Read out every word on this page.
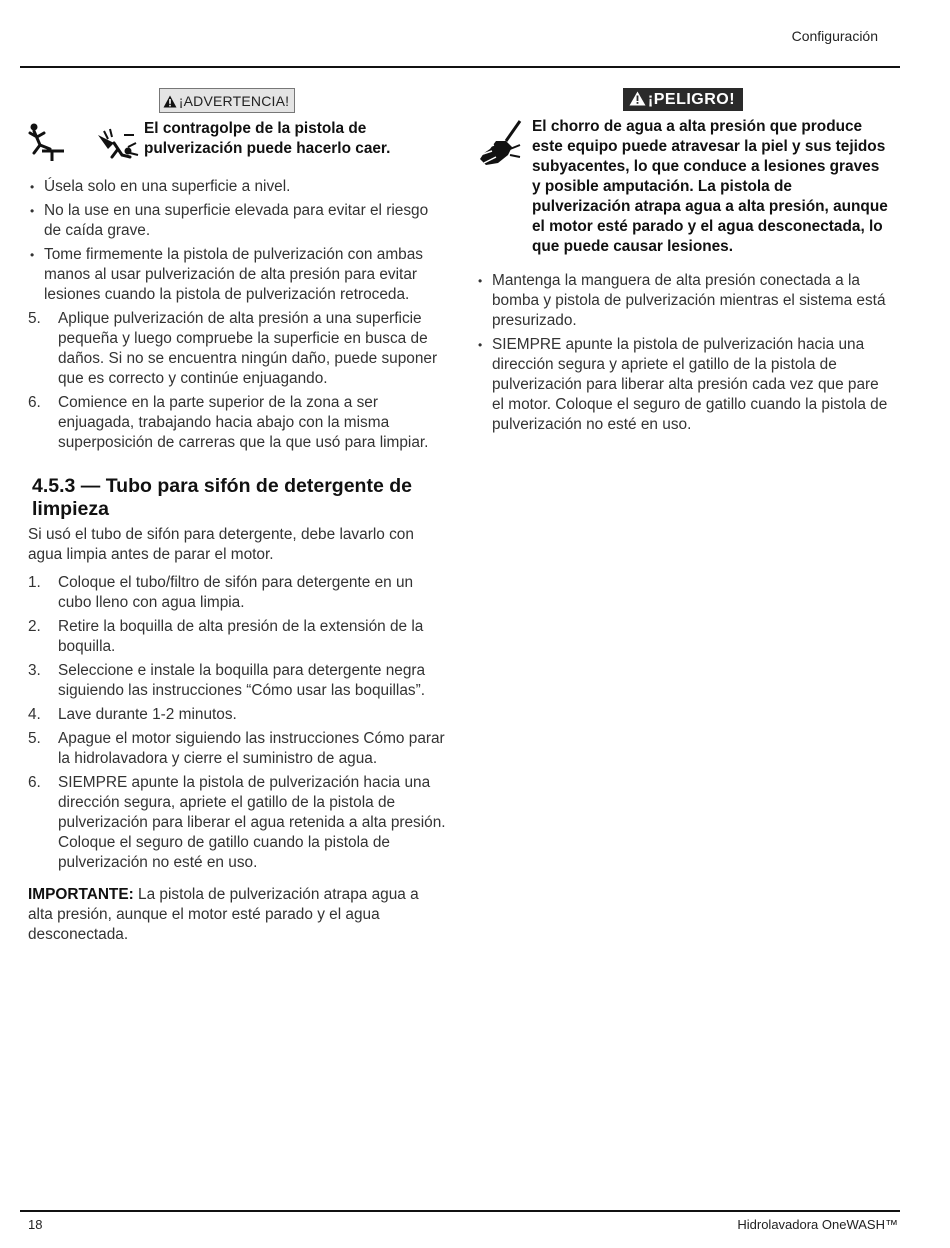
Configuración
¡ADVERTENCIA!
El contragolpe de la pistola de pulverización puede hacerlo caer.
• Úsela solo en una superficie a nivel.
• No la use en una superficie elevada para evitar el riesgo de caída grave.
• Tome firmemente la pistola de pulverización con ambas manos al usar pulverización de alta presión para evitar lesiones cuando la pistola de pulverización retroceda.
5. Aplique pulverización de alta presión a una superficie pequeña y luego compruebe la superficie en busca de daños. Si no se encuentra ningún daño, puede suponer que es correcto y continúe enjuagando.
6. Comience en la parte superior de la zona a ser enjuagada, trabajando hacia abajo con la misma superposición de carreras que la que usó para limpiar.
4.5.3 — Tubo para sifón de detergente de limpieza

Si usó el tubo de sifón para detergente, debe lavarlo con agua limpia antes de parar el motor.

1. Coloque el tubo/filtro de sifón para detergente en un cubo lleno con agua limpia.
2. Retire la boquilla de alta presión de la extensión de la boquilla.
3. Seleccione e instale la boquilla para detergente negra siguiendo las instrucciones “Cómo usar las boquillas”.
4. Lave durante 1-2 minutos.
5. Apague el motor siguiendo las instrucciones Cómo parar la hidrolavadora y cierre el suministro de agua.
6. SIEMPRE apunte la pistola de pulverización hacia una dirección segura, apriete el gatillo de la pistola de pulverización para liberar el agua retenida a alta presión. Coloque el seguro de gatillo cuando la pistola de pulverización no esté en uso.

IMPORTANTE: La pistola de pulverización atrapa agua a alta presión, aunque el motor esté parado y el agua desconectada.

¡PELIGRO!
El chorro de agua a alta presión que produce este equipo puede atravesar la piel y sus tejidos subyacentes, lo que conduce a lesiones graves y posible amputación. La pistola de pulverización atrapa agua a alta presión, aunque el motor esté parado y el agua desconectada, lo que puede causar lesiones.
• Mantenga la manguera de alta presión conectada a la bomba y pistola de pulverización mientras el sistema está presurizado.
• SIEMPRE apunte la pistola de pulverización hacia una dirección segura y apriete el gatillo de la pistola de pulverización para liberar alta presión cada vez que pare el motor. Coloque el seguro de gatillo cuando la pistola de pulverización no esté en uso.
18	Hidrolavadora OneWASH™
